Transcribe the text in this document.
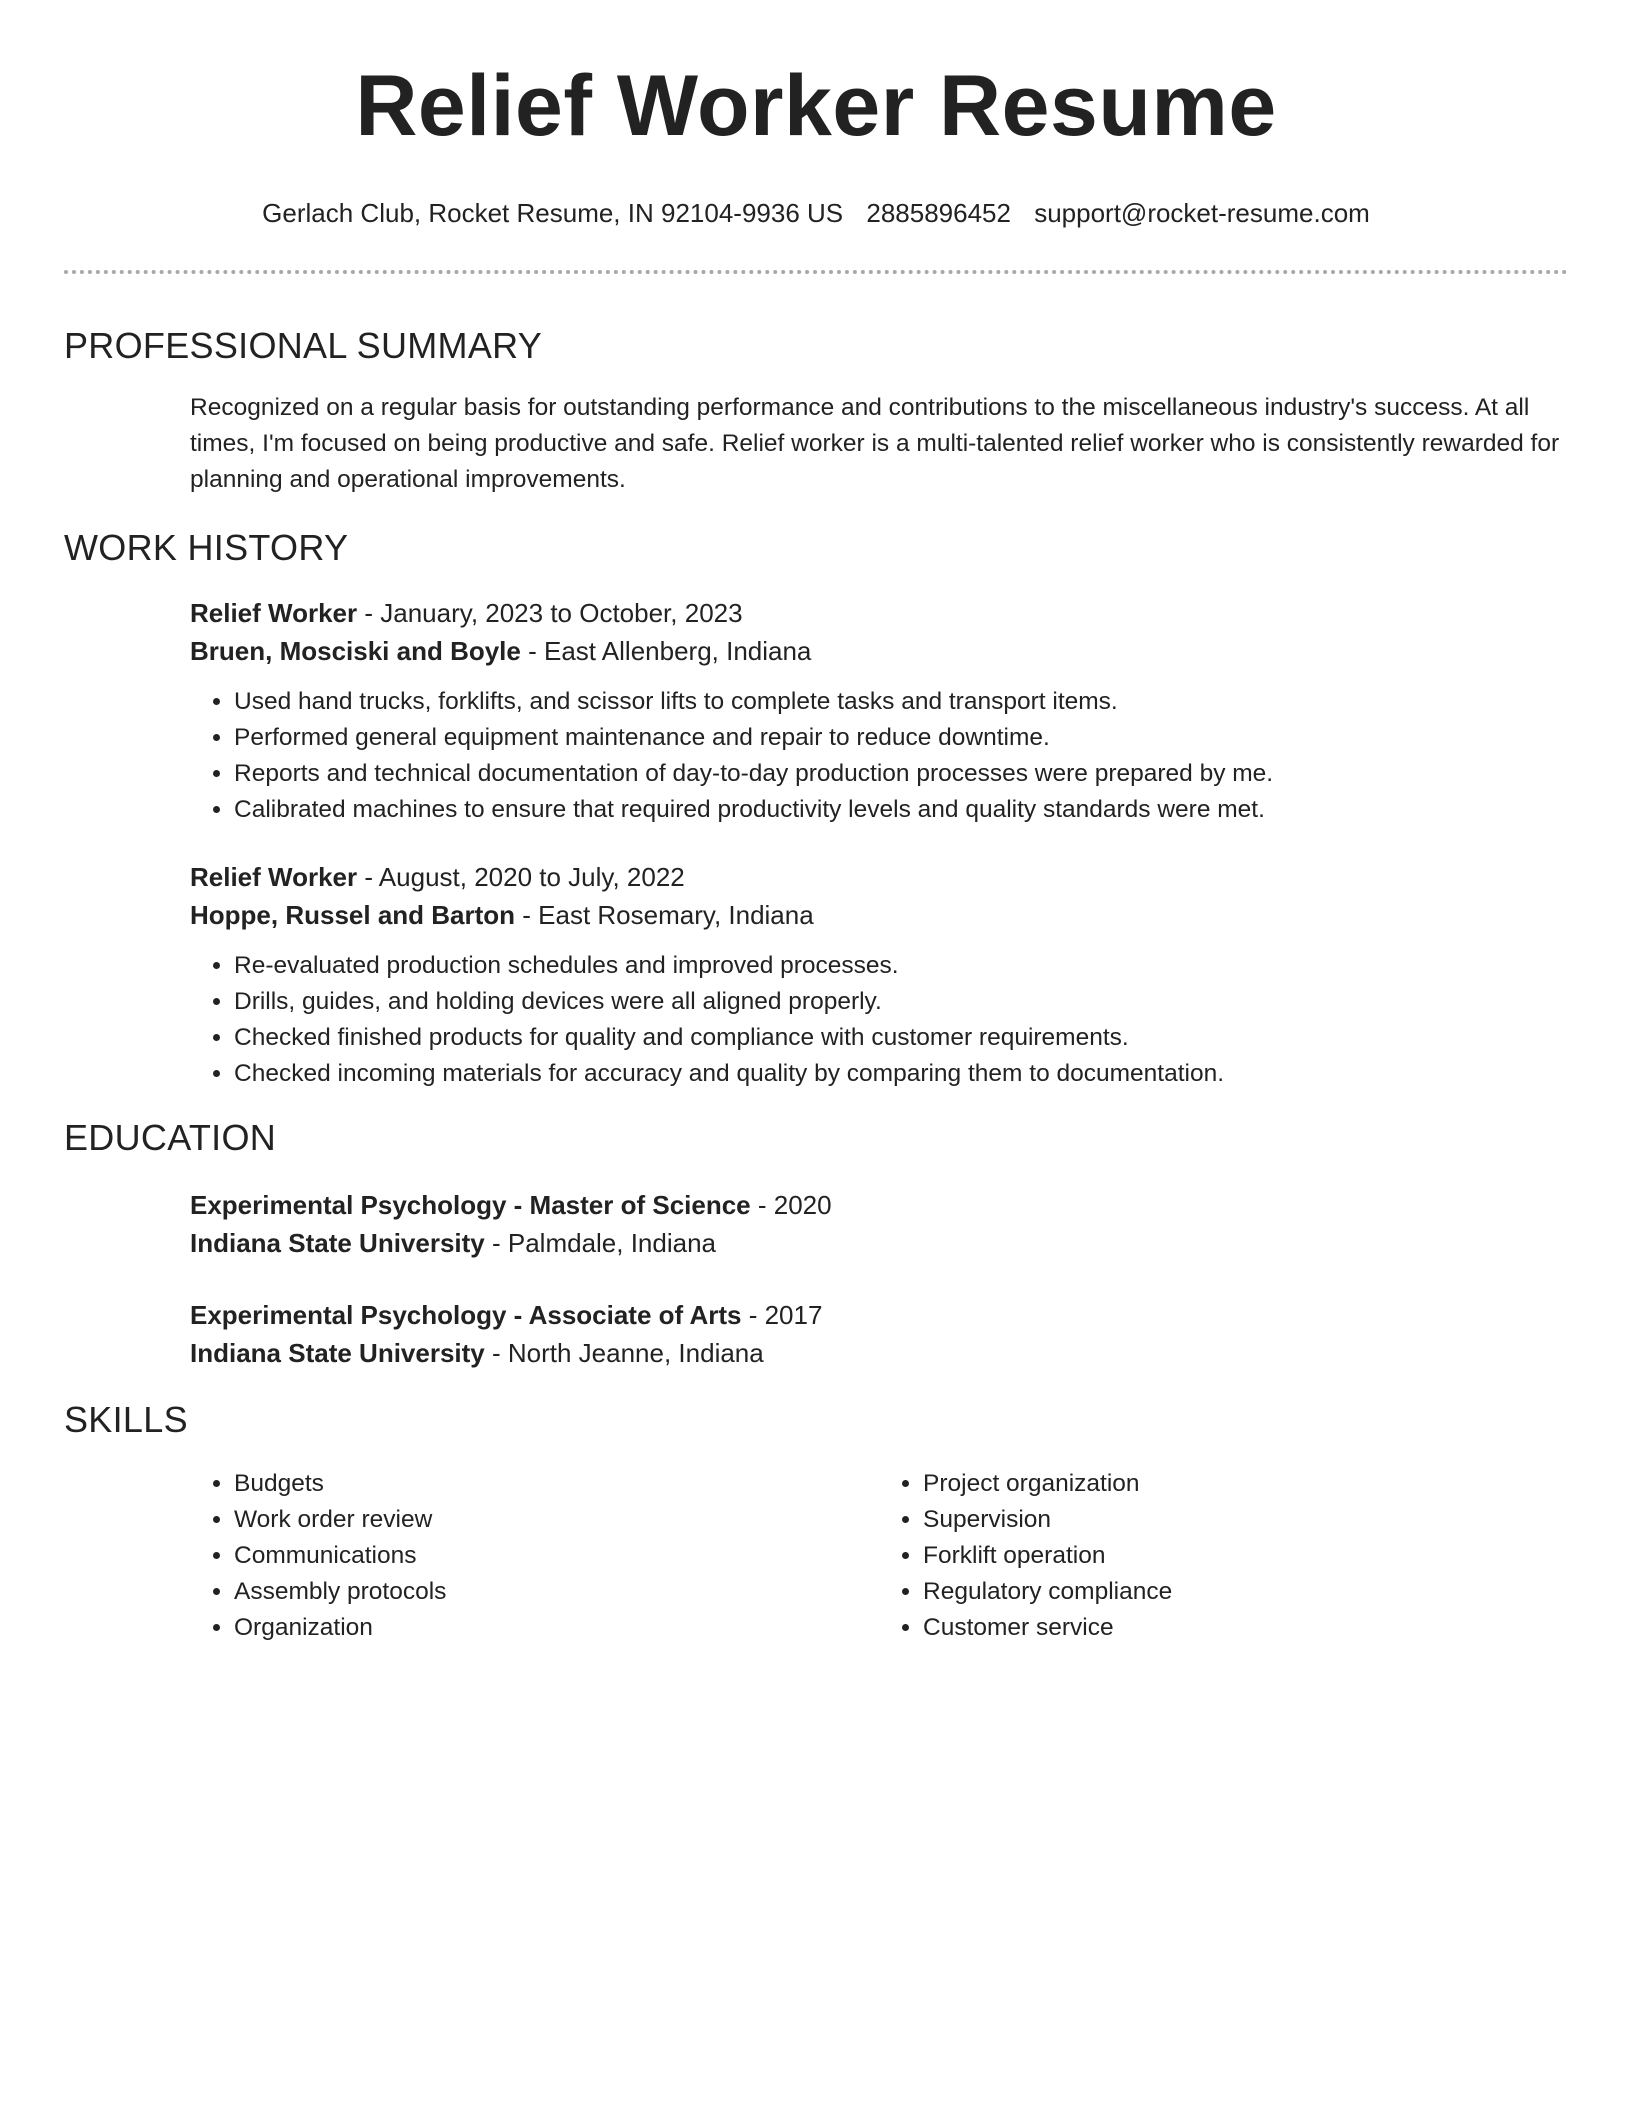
Relief Worker Resume
Gerlach Club, Rocket Resume, IN 92104-9936 US 2885896452 support@rocket-resume.com
PROFESSIONAL SUMMARY

Recognized on a regular basis for outstanding performance and contributions to the miscellaneous industry's success. At all times, I'm focused on being productive and safe. Relief worker is a multi-talented relief worker who is consistently rewarded for planning and operational improvements.

WORK HISTORY
Relief Worker - January, 2023 to October, 2023
Bruen, Mosciski and Boyle - East Allenberg, Indiana
• Used hand trucks, forklifts, and scissor lifts to complete tasks and transport items.
• Performed general equipment maintenance and repair to reduce downtime.
• Reports and technical documentation of day-to-day production processes were prepared by me.
• Calibrated machines to ensure that required productivity levels and quality standards were met.
Relief Worker - August, 2020 to July, 2022
Hoppe, Russel and Barton - East Rosemary, Indiana
• Re-evaluated production schedules and improved processes.
• Drills, guides, and holding devices were all aligned properly.
• Checked finished products for quality and compliance with customer requirements.
• Checked incoming materials for accuracy and quality by comparing them to documentation.
EDUCATION
Experimental Psychology - Master of Science - 2020
Indiana State University - Palmdale, Indiana
Experimental Psychology - Associate of Arts - 2017
Indiana State University - North Jeanne, Indiana
SKILLS
• Budgets
• Work order review
• Communications
• Assembly protocols
• Organization
• Project organization
• Supervision
• Forklift operation
• Regulatory compliance
• Customer service
